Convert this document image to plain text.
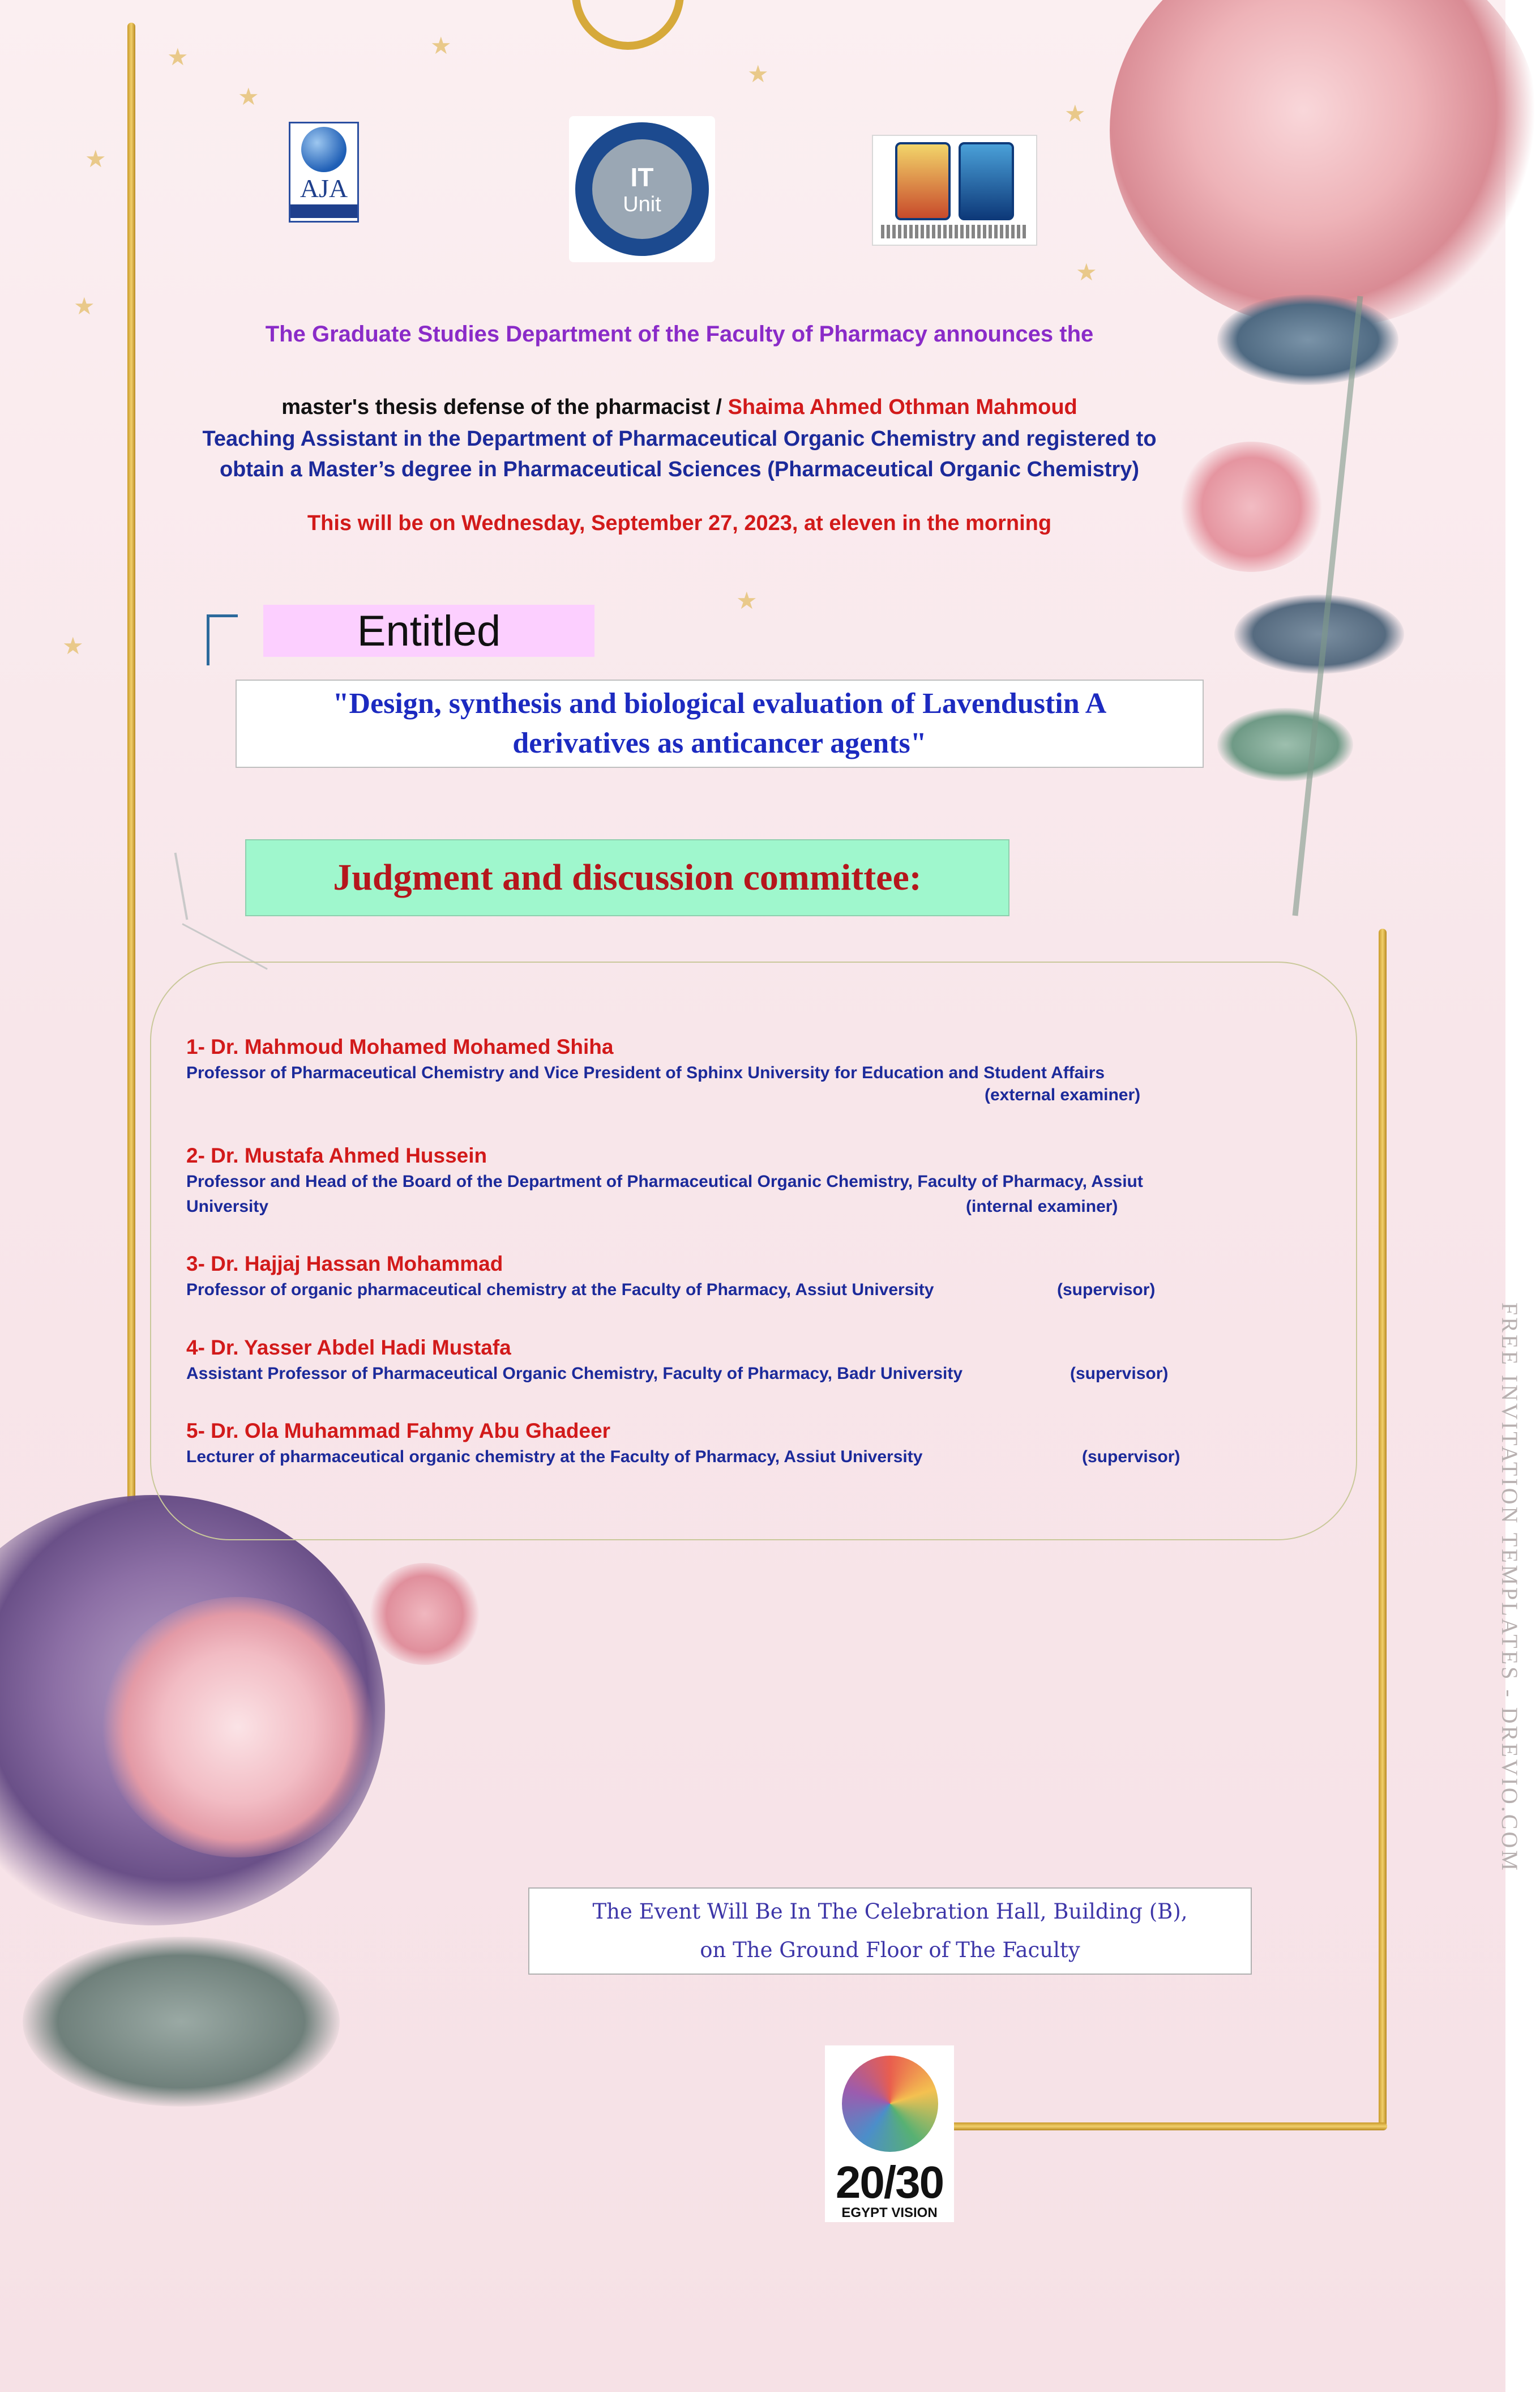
★
★
★
★
★
★
★
★
★
★
AJA	IT
Unit
The Graduate Studies Department of the Faculty of Pharmacy announces the
master's thesis defense of the pharmacist / Shaima Ahmed Othman Mahmoud
Teaching Assistant in the Department of Pharmaceutical Organic Chemistry and registered to
obtain a Master’s degree in Pharmaceutical Sciences (Pharmaceutical Organic Chemistry)
This will be on Wednesday, September 27, 2023, at eleven in the morning
Entitled
"Design, synthesis and biological evaluation of Lavendustin A
derivatives as anticancer agents"
Judgment and discussion committee:
1- Dr. Mahmoud Mohamed Mohamed Shiha
Professor of Pharmaceutical Chemistry and Vice President of Sphinx University for Education and Student Affairs
(external examiner)
2- Dr. Mustafa Ahmed Hussein
Professor and Head of the Board of the Department of Pharmaceutical Organic Chemistry, Faculty of Pharmacy, Assiut
University	(internal examiner)
3- Dr. Hajjaj Hassan Mohammad
Professor of organic pharmaceutical chemistry at the Faculty of Pharmacy, Assiut University	(supervisor)
4- Dr. Yasser Abdel Hadi Mustafa
Assistant Professor of Pharmaceutical Organic Chemistry, Faculty of Pharmacy, Badr University	(supervisor)
5- Dr. Ola Muhammad Fahmy Abu Ghadeer
Lecturer of pharmaceutical organic chemistry at the Faculty of Pharmacy, Assiut University	(supervisor)
The Event Will Be In The Celebration Hall, Building (B),
on The Ground Floor of The Faculty
FREE INVITATION TEMPLATES - DREVIO.COM
20/30
EGYPT VISION
